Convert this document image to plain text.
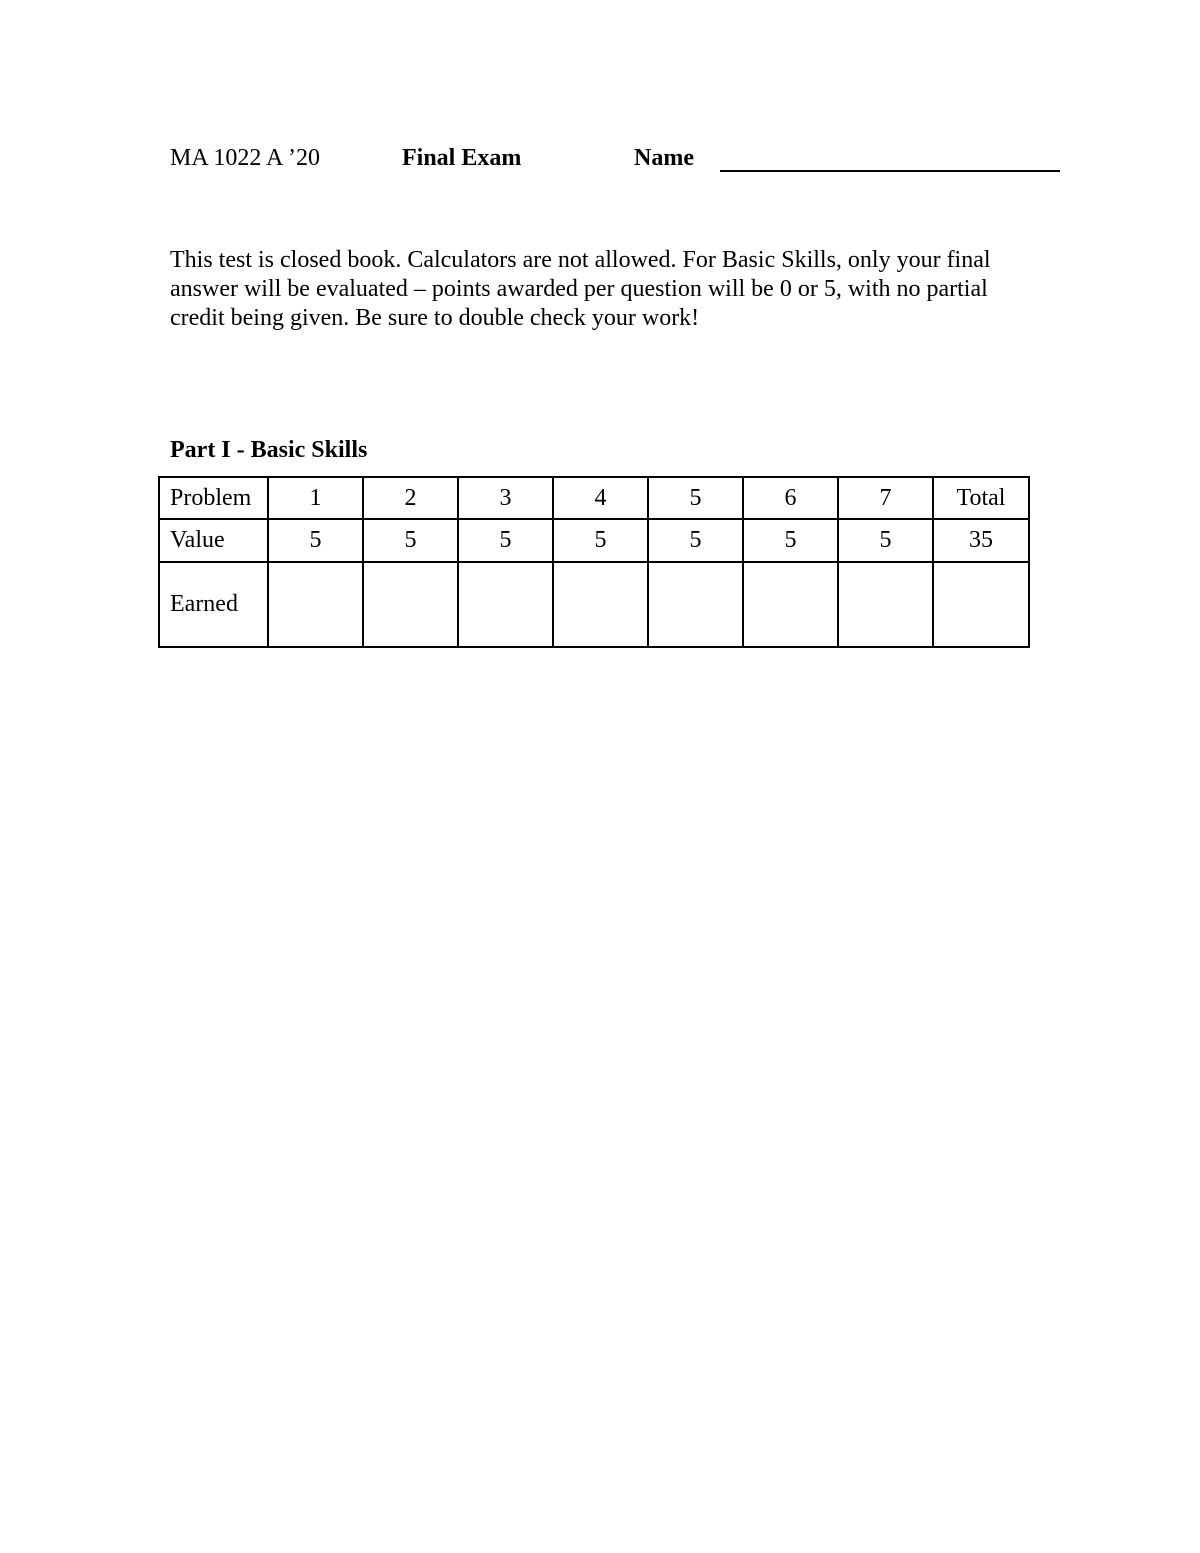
MA 1022 A ’20	Final Exam	Name
This test is closed book. Calculators are not allowed. For Basic Skills, only your final
answer will be evaluated – points awarded per question will be 0 or 5, with no partial
credit being given. Be sure to double check your work!
Part I - Basic Skills
Problem	1	2	3	4	5	6	7	Total
Value	5	5	5	5	5	5	5	35
Earned								
